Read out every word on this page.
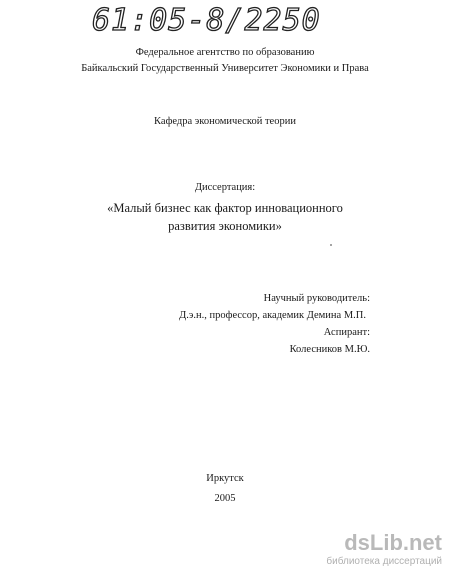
61:05-8/2250
Федеральное агентство по образованию
Байкальский Государственный Университет Экономики и Права
Кафедра экономической теории
Диссертация:
«Малый бизнес как фактор инновационного
развития экономики»
Научный руководитель:
Д.э.н., профессор, академик Демина М.П.
Аспирант:
Колесников М.Ю.
Иркутск
2005
dsLib.net
библиотека диссертаций
